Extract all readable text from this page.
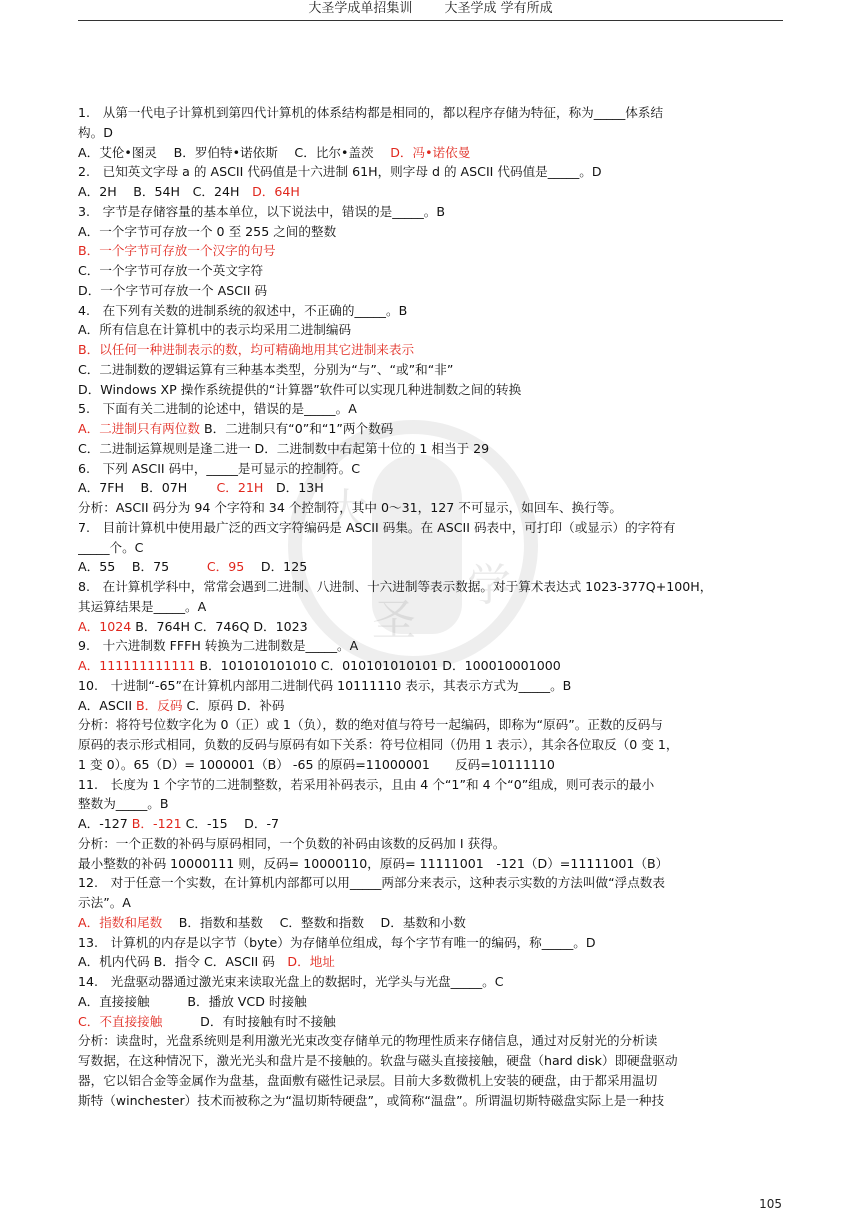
大圣学成单招集训 大圣学成 学有所成
大
圣
学
1.　从第一代电子计算机到第四代计算机的体系结构都是相同的，都以程序存储为特征，称为_____体系结
构。D
A．艾伦•图灵　 B．罗伯特•诺依斯　 C．比尔•盖茨　 D．冯•诺依曼
2.　已知英文字母 a 的 ASCII 代码值是十六进制 61H，则字母 d 的 ASCII 代码值是_____。D
A．2H　 B．54H　C．24H　D．64H
3.　字节是存储容量的基本单位，以下说法中，错误的是_____。B
A．一个字节可存放一个 0 至 255 之间的整数
B．一个字节可存放一个汉字的句号
C．一个字节可存放一个英文字符
D．一个字节可存放一个 ASCII 码
4.　在下列有关数的进制系统的叙述中，不正确的_____。B
A．所有信息在计算机中的表示均采用二进制编码
B．以任何一种进制表示的数，均可精确地用其它进制来表示
C．二进制数的逻辑运算有三种基本类型，分别为“与”、“或”和“非”
D．Windows XP 操作系统提供的“计算器”软件可以实现几种进制数之间的转换
5.　下面有关二进制的论述中，错误的是_____。A
A．二进制只有两位数 B．二进制只有“0”和“1”两个数码
C．二进制运算规则是逢二进一 D．二进制数中右起第十位的 1 相当于 29
6.　下列 ASCII 码中，_____是可显示的控制符。C
A．7FH　 B．07H　　 C．21H　D．13H
分析：ASCII 码分为 94 个字符和 34 个控制符，其中 0～31，127 不可显示，如回车、换行等。
7.　目前计算机中使用最广泛的西文字符编码是 ASCII 码集。在 ASCII 码表中，可打印（或显示）的字符有
_____个。C
A．55　 B．75　　　C．95　 D．125
8.　在计算机学科中，常常会遇到二进制、八进制、十六进制等表示数据。对于算术表达式 1023-377Q+100H，
其运算结果是_____。A
A．1024 B．764H C．746Q D．1023
9.　十六进制数 FFFH 转换为二进制数是_____。A
A．111111111111 B．101010101010 C．010101010101 D．100010001000
10.　十进制“-65”在计算机内部用二进制代码 10111110 表示，其表示方式为_____。B
A．ASCII B．反码 C．原码 D．补码
分析：将符号位数字化为 0（正）或 1（负），数的绝对值与符号一起编码，即称为“原码”。正数的反码与
原码的表示形式相同，负数的反码与原码有如下关系：符号位相同（仍用 1 表示），其余各位取反（0 变 1，
1 变 0）。65（D）= 1000001（B） -65 的原码=11000001　　反码=10111110
11.　长度为 1 个字节的二进制整数，若采用补码表示，且由 4 个“1”和 4 个“0”组成，则可表示的最小
整数为_____。B
A．-127 B．-121 C．-15　 D．-7
分析：一个正数的补码与原码相同，一个负数的补码由该数的反码加 I 获得。
最小整数的补码 10000111 则，反码= 10000110，原码= 11111001　-121（D）=11111001（B）
12.　对于任意一个实数，在计算机内部都可以用_____两部分来表示，这种表示实数的方法叫做“浮点数表
示法”。A
A．指数和尾数　 B．指数和基数　 C．整数和指数　 D．基数和小数
13.　计算机的内存是以字节（byte）为存储单位组成，每个字节有唯一的编码，称_____。D
A．机内代码 B．指令 C．ASCII 码　D．地址
14.　光盘驱动器通过激光束来读取光盘上的数据时，光学头与光盘_____。C
A．直接接触　　　B．播放 VCD 时接触
C．不直接接触　　　D．有时接触有时不接触
分析：读盘时，光盘系统则是利用激光光束改变存储单元的物理性质来存储信息，通过对反射光的分析读
写数据，在这种情况下，激光光头和盘片是不接触的。软盘与磁头直接接触，硬盘（hard disk）即硬盘驱动
器，它以铝合金等金属作为盘基，盘面敷有磁性记录层。目前大多数微机上安装的硬盘，由于都采用温切
斯特（winchester）技术而被称之为“温切斯特硬盘”，或简称“温盘”。所谓温切斯特磁盘实际上是一种技
105
